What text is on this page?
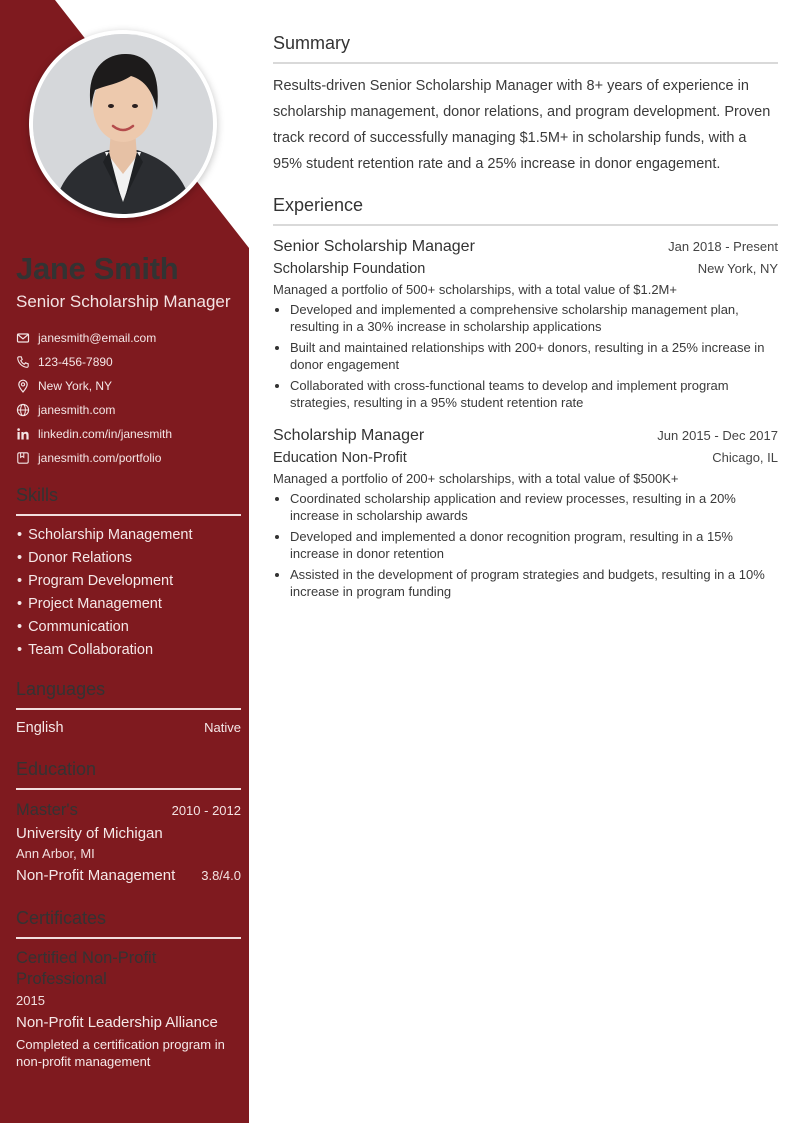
Jane Smith
Senior Scholarship Manager
janesmith@email.com
123-456-7890
New York, NY
janesmith.com
linkedin.com/in/janesmith
janesmith.com/portfolio
Skills
• Scholarship Management
• Donor Relations
• Program Development
• Project Management
• Communication
• Team Collaboration
Languages
English	Native
Education
Master's	2010 - 2012
University of Michigan
Ann Arbor, MI
Non-Profit Management 3.8/4.0
Certificates
Certified Non-Profit Professional
2015
Non-Profit Leadership Alliance
Completed a certification program in non-profit management
Summary

Results-driven Senior Scholarship Manager with 8+ years of experience in scholarship management, donor relations, and program development. Proven track record of successfully managing $1.5M+ in scholarship funds, with a 95% student retention rate and a 25% increase in donor engagement.

Experience
Senior Scholarship Manager	Jan 2018 - Present
Scholarship Foundation	New York, NY
Managed a portfolio of 500+ scholarships, with a total value of $1.2M+
Developed and implemented a comprehensive scholarship management plan, resulting in a 30% increase in scholarship applications
Built and maintained relationships with 200+ donors, resulting in a 25% increase in donor engagement
Collaborated with cross-functional teams to develop and implement program strategies, resulting in a 95% student retention rate
Scholarship Manager	Jun 2015 - Dec 2017
Education Non-Profit	Chicago, IL
Managed a portfolio of 200+ scholarships, with a total value of $500K+
Coordinated scholarship application and review processes, resulting in a 20% increase in scholarship awards
Developed and implemented a donor recognition program, resulting in a 15% increase in donor retention
Assisted in the development of program strategies and budgets, resulting in a 10% increase in program funding
